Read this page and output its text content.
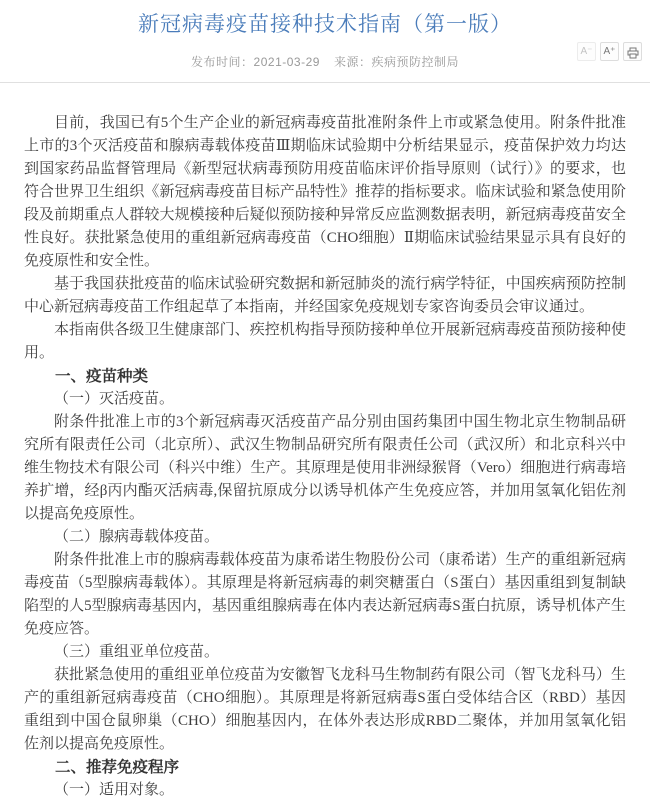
新冠病毒疫苗接种技术指南（第一版）
发布时间：2021-03-29 来源：疾病预防控制局
A⁻	A⁺

目前，我国已有5个生产企业的新冠病毒疫苗批准附条件上市或紧急使用。附条件批准上市的3个灭活疫苗和腺病毒载体疫苗Ⅲ期临床试验期中分析结果显示，疫苗保护效力均达到国家药品监督管理局《新型冠状病毒预防用疫苗临床评价指导原则（试行）》的要求，也符合世界卫生组织《新冠病毒疫苗目标产品特性》推荐的指标要求。临床试验和紧急使用阶段及前期重点人群较大规模接种后疑似预防接种异常反应监测数据表明，新冠病毒疫苗安全性良好。获批紧急使用的重组新冠病毒疫苗（CHO细胞）Ⅱ期临床试验结果显示具有良好的免疫原性和安全性。

基于我国获批疫苗的临床试验研究数据和新冠肺炎的流行病学特征，中国疾病预防控制中心新冠病毒疫苗工作组起草了本指南，并经国家免疫规划专家咨询委员会审议通过。

本指南供各级卫生健康部门、疾控机构指导预防接种单位开展新冠病毒疫苗预防接种使用。

一、疫苗种类

（一）灭活疫苗。

附条件批准上市的3个新冠病毒灭活疫苗产品分别由国药集团中国生物北京生物制品研究所有限责任公司（北京所）、武汉生物制品研究所有限责任公司（武汉所）和北京科兴中维生物技术有限公司（科兴中维）生产。其原理是使用非洲绿猴肾（Vero）细胞进行病毒培养扩增，经β丙内酯灭活病毒,保留抗原成分以诱导机体产生免疫应答，并加用氢氧化铝佐剂以提高免疫原性。

（二）腺病毒载体疫苗。

附条件批准上市的腺病毒载体疫苗为康希诺生物股份公司（康希诺）生产的重组新冠病毒疫苗（5型腺病毒载体）。其原理是将新冠病毒的刺突糖蛋白（S蛋白）基因重组到复制缺陷型的人5型腺病毒基因内，基因重组腺病毒在体内表达新冠病毒S蛋白抗原，诱导机体产生免疫应答。

（三）重组亚单位疫苗。

获批紧急使用的重组亚单位疫苗为安徽智飞龙科马生物制药有限公司（智飞龙科马）生产的重组新冠病毒疫苗（CHO细胞）。其原理是将新冠病毒S蛋白受体结合区（RBD）基因重组到中国仓鼠卵巢（CHO）细胞基因内，在体外表达形成RBD二聚体，并加用氢氧化铝佐剂以提高免疫原性。

二、推荐免疫程序

（一）适用对象。
